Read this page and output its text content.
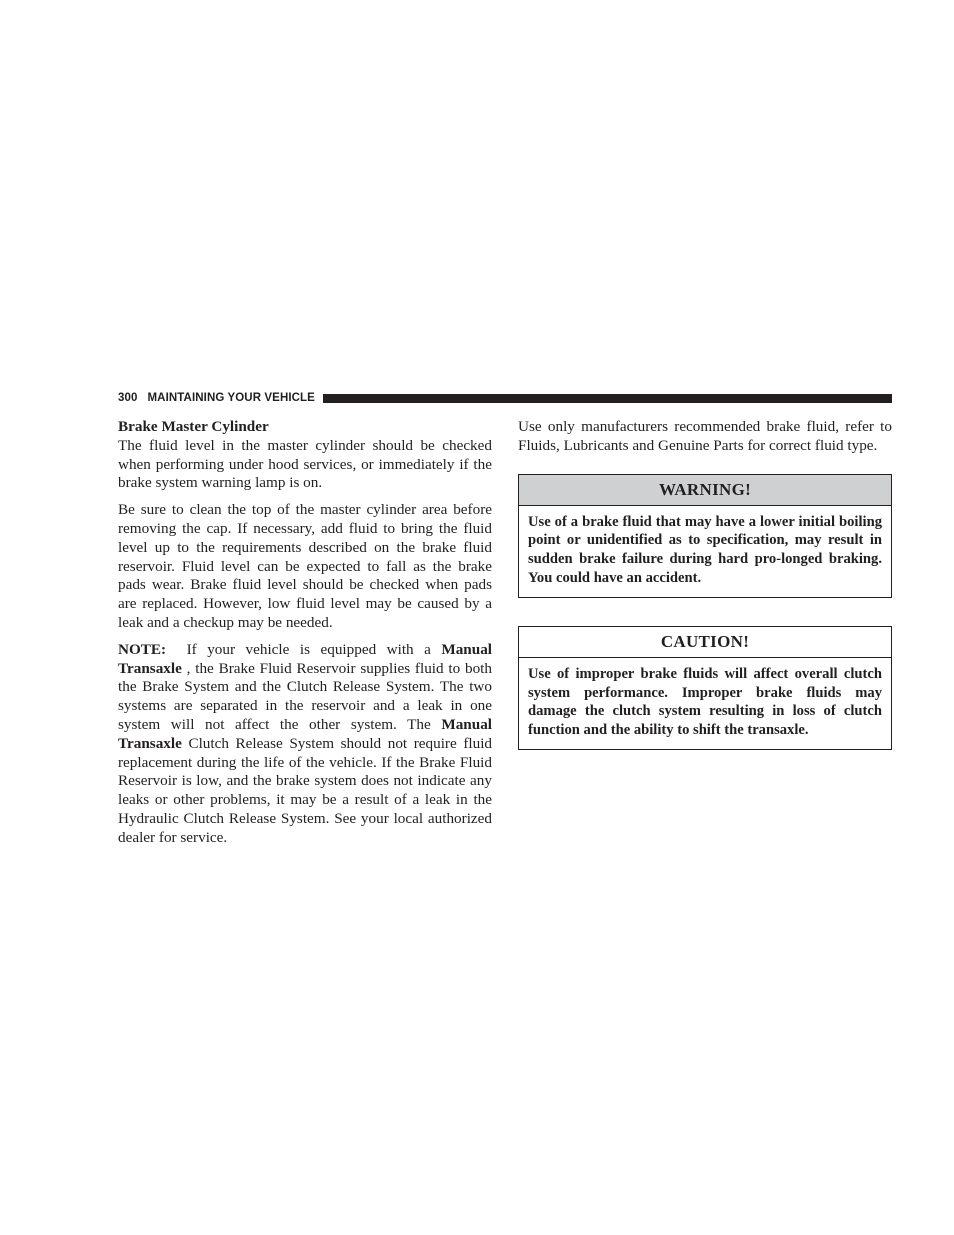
300 MAINTAINING YOUR VEHICLE
Brake Master Cylinder

The fluid level in the master cylinder should be checked when performing under hood services, or immediately if the brake system warning lamp is on.

Be sure to clean the top of the master cylinder area before removing the cap. If necessary, add fluid to bring the fluid level up to the requirements described on the brake fluid reservoir. Fluid level can be expected to fall as the brake pads wear. Brake fluid level should be checked when pads are replaced. However, low fluid level may be caused by a leak and a checkup may be needed.

NOTE: If your vehicle is equipped with a Manual Transaxle , the Brake Fluid Reservoir supplies fluid to both the Brake System and the Clutch Release System. The two systems are separated in the reservoir and a leak in one system will not affect the other system. The Manual Transaxle Clutch Release System should not require fluid replacement during the life of the vehicle. If the Brake Fluid Reservoir is low, and the brake system does not indicate any leaks or other problems, it may be a result of a leak in the Hydraulic Clutch Release System. See your local authorized dealer for service.

Use only manufacturers recommended brake fluid, refer to Fluids, Lubricants and Genuine Parts for correct fluid type.

WARNING!
Use of a brake fluid that may have a lower initial boiling point or unidentified as to specification, may result in sudden brake failure during hard pro-longed braking. You could have an accident.
CAUTION!
Use of improper brake fluids will affect overall clutch system performance. Improper brake fluids may damage the clutch system resulting in loss of clutch function and the ability to shift the transaxle.
